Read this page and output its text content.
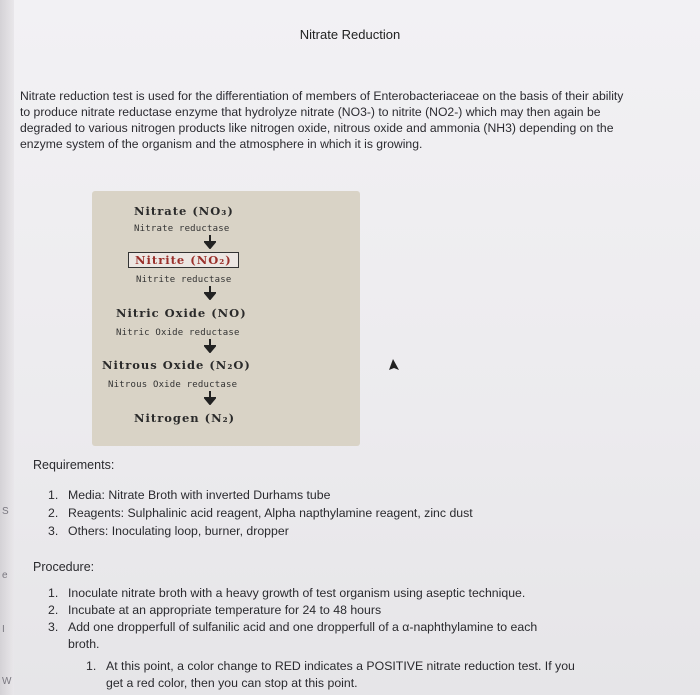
S
e
I
W
Nitrate Reduction
Nitrate reduction test is used for the differentiation of members of Enterobacteriaceae on the basis of their ability to produce nitrate reductase enzyme that hydrolyze nitrate (NO3-) to nitrite (NO2-) which may then again be degraded to various nitrogen products like nitrogen oxide, nitrous oxide and ammonia (NH3) depending on the enzyme system of the organism and the atmosphere in which it is growing.
Nitrate (NO₃)
Nitrate reductase
Nitrite (NO₂)
Nitrite reductase
Nitric Oxide (NO)
Nitric Oxide reductase
Nitrous Oxide (N₂O)
Nitrous Oxide reductase
Nitrogen (N₂)
Requirements:
1. Media: Nitrate Broth with inverted Durhams tube
2. Reagents: Sulphalinic acid reagent, Alpha napthylamine reagent, zinc dust
3. Others: Inoculating loop, burner, dropper
Procedure:
1. Inoculate nitrate broth with a heavy growth of test organism using aseptic technique.
2. Incubate at an appropriate temperature for 24 to 48 hours
3. Add one dropperfull of sulfanilic acid and one dropperfull of a α-naphthylamine to each
broth.
1. At this point, a color change to RED indicates a POSITIVE nitrate reduction test. If you
get a red color, then you can stop at this point.
